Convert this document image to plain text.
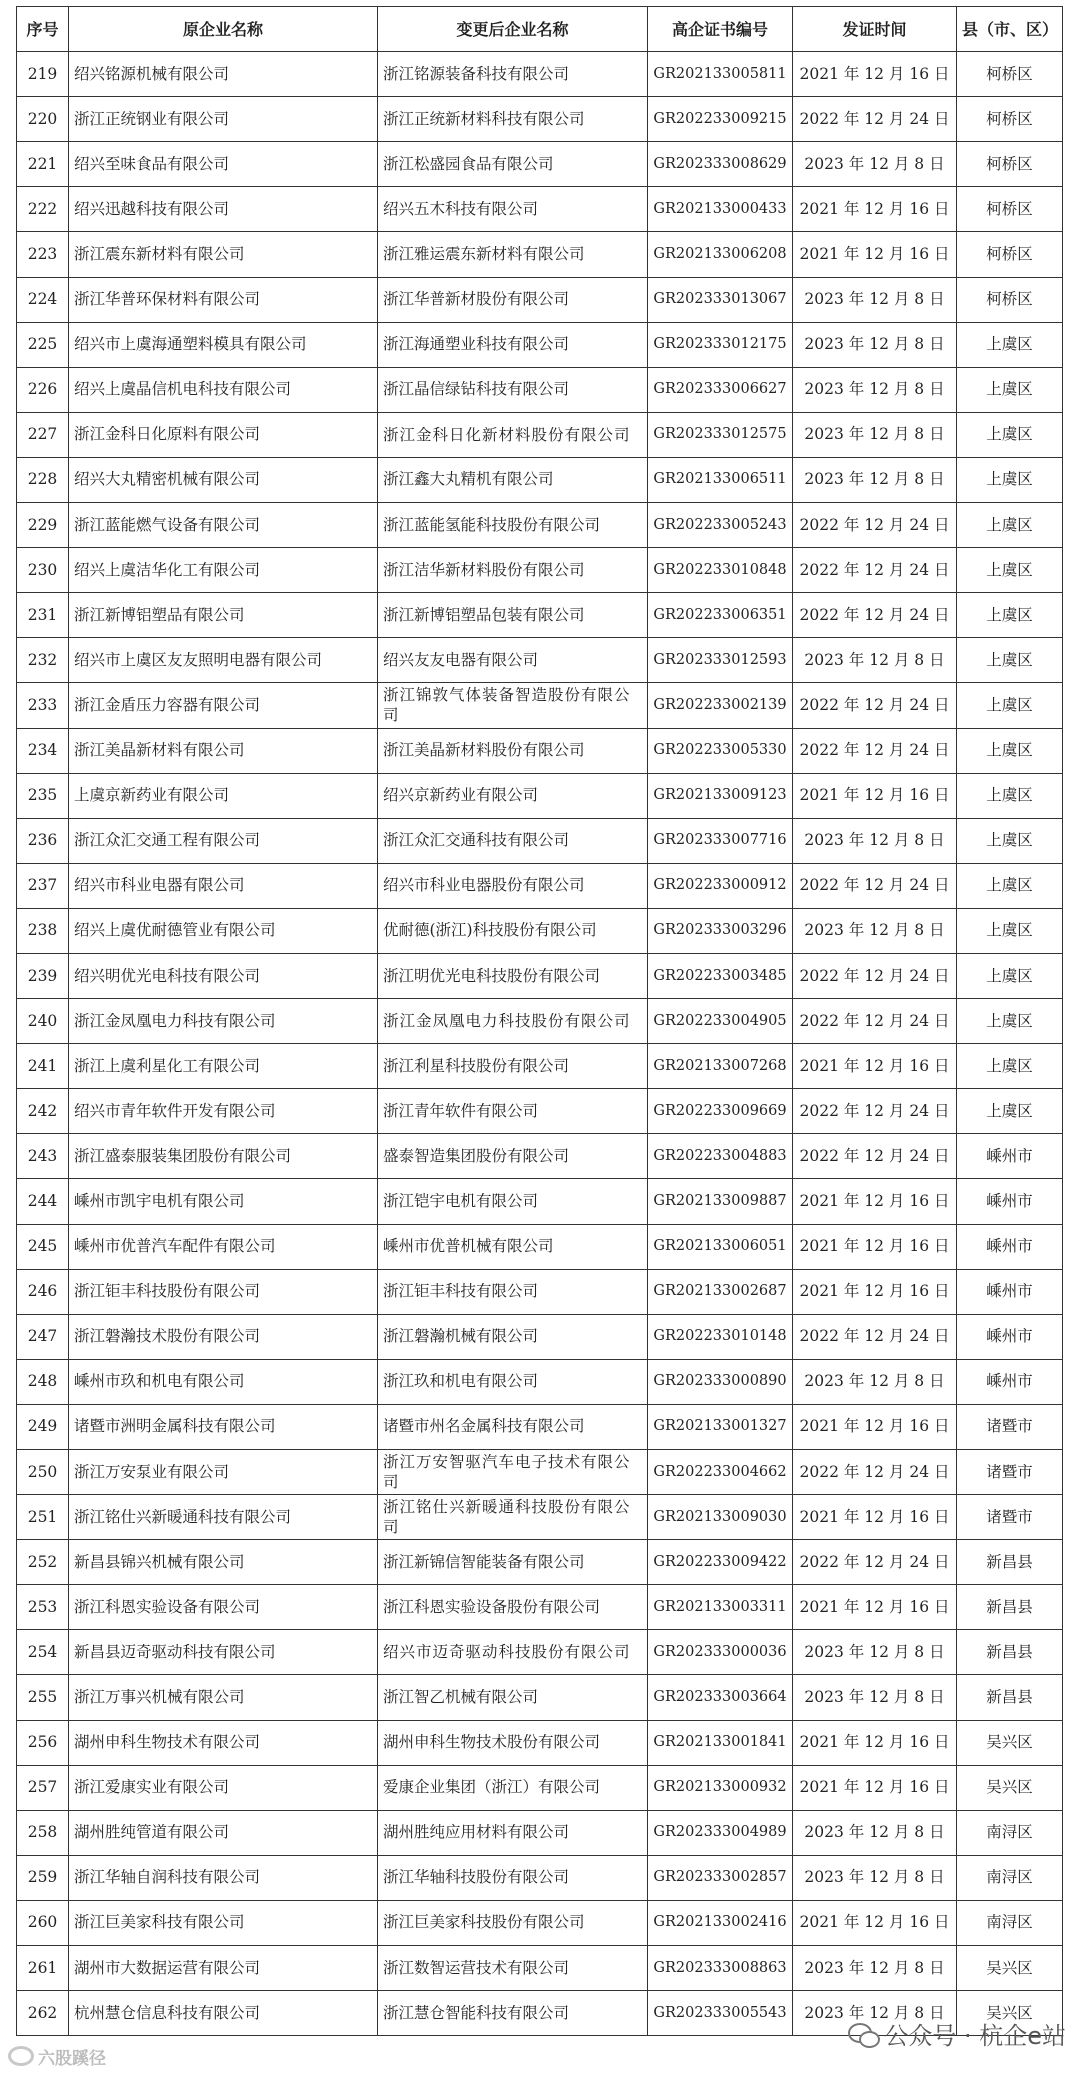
序号	原企业名称	变更后企业名称	高企证书编号	发证时间	县（市、区）
219	绍兴铭源机械有限公司	浙江铭源装备科技有限公司	GR202133005811	2021 年 12 月 16 日	柯桥区
220	浙江正统钢业有限公司	浙江正统新材料科技有限公司	GR202233009215	2022 年 12 月 24 日	柯桥区
221	绍兴至味食品有限公司	浙江松盛园食品有限公司	GR202333008629	2023 年 12 月 8 日	柯桥区
222	绍兴迅越科技有限公司	绍兴五木科技有限公司	GR202133000433	2021 年 12 月 16 日	柯桥区
223	浙江震东新材料有限公司	浙江雅运震东新材料有限公司	GR202133006208	2021 年 12 月 16 日	柯桥区
224	浙江华普环保材料有限公司	浙江华普新材股份有限公司	GR202333013067	2023 年 12 月 8 日	柯桥区
225	绍兴市上虞海通塑料模具有限公司	浙江海通塑业科技有限公司	GR202333012175	2023 年 12 月 8 日	上虞区
226	绍兴上虞晶信机电科技有限公司	浙江晶信绿钻科技有限公司	GR202333006627	2023 年 12 月 8 日	上虞区
227	浙江金科日化原料有限公司	浙江金科日化新材料股份有限公司	GR202333012575	2023 年 12 月 8 日	上虞区
228	绍兴大丸精密机械有限公司	浙江鑫大丸精机有限公司	GR202133006511	2023 年 12 月 8 日	上虞区
229	浙江蓝能燃气设备有限公司	浙江蓝能氢能科技股份有限公司	GR202233005243	2022 年 12 月 24 日	上虞区
230	绍兴上虞洁华化工有限公司	浙江洁华新材料股份有限公司	GR202233010848	2022 年 12 月 24 日	上虞区
231	浙江新博铝塑品有限公司	浙江新博铝塑品包装有限公司	GR202233006351	2022 年 12 月 24 日	上虞区
232	绍兴市上虞区友友照明电器有限公司	绍兴友友电器有限公司	GR202333012593	2023 年 12 月 8 日	上虞区
233	浙江金盾压力容器有限公司	浙江锦敦气体装备智造股份有限公司	GR202233002139	2022 年 12 月 24 日	上虞区
234	浙江美晶新材料有限公司	浙江美晶新材料股份有限公司	GR202233005330	2022 年 12 月 24 日	上虞区
235	上虞京新药业有限公司	绍兴京新药业有限公司	GR202133009123	2021 年 12 月 16 日	上虞区
236	浙江众汇交通工程有限公司	浙江众汇交通科技有限公司	GR202333007716	2023 年 12 月 8 日	上虞区
237	绍兴市科业电器有限公司	绍兴市科业电器股份有限公司	GR202233000912	2022 年 12 月 24 日	上虞区
238	绍兴上虞优耐德管业有限公司	优耐德(浙江)科技股份有限公司	GR202333003296	2023 年 12 月 8 日	上虞区
239	绍兴明优光电科技有限公司	浙江明优光电科技股份有限公司	GR202233003485	2022 年 12 月 24 日	上虞区
240	浙江金凤凰电力科技有限公司	浙江金凤凰电力科技股份有限公司	GR202233004905	2022 年 12 月 24 日	上虞区
241	浙江上虞利星化工有限公司	浙江利星科技股份有限公司	GR202133007268	2021 年 12 月 16 日	上虞区
242	绍兴市青年软件开发有限公司	浙江青年软件有限公司	GR202233009669	2022 年 12 月 24 日	上虞区
243	浙江盛泰服装集团股份有限公司	盛泰智造集团股份有限公司	GR202233004883	2022 年 12 月 24 日	嵊州市
244	嵊州市凯宇电机有限公司	浙江铠宇电机有限公司	GR202133009887	2021 年 12 月 16 日	嵊州市
245	嵊州市优普汽车配件有限公司	嵊州市优普机械有限公司	GR202133006051	2021 年 12 月 16 日	嵊州市
246	浙江钜丰科技股份有限公司	浙江钜丰科技有限公司	GR202133002687	2021 年 12 月 16 日	嵊州市
247	浙江磐瀚技术股份有限公司	浙江磐瀚机械有限公司	GR202233010148	2022 年 12 月 24 日	嵊州市
248	嵊州市玖和机电有限公司	浙江玖和机电有限公司	GR202333000890	2023 年 12 月 8 日	嵊州市
249	诸暨市洲明金属科技有限公司	诸暨市州名金属科技有限公司	GR202133001327	2021 年 12 月 16 日	诸暨市
250	浙江万安泵业有限公司	浙江万安智驱汽车电子技术有限公司	GR202233004662	2022 年 12 月 24 日	诸暨市
251	浙江铭仕兴新暖通科技有限公司	浙江铭仕兴新暖通科技股份有限公司	GR202133009030	2021 年 12 月 16 日	诸暨市
252	新昌县锦兴机械有限公司	浙江新锦信智能装备有限公司	GR202233009422	2022 年 12 月 24 日	新昌县
253	浙江科恩实验设备有限公司	浙江科恩实验设备股份有限公司	GR202133003311	2021 年 12 月 16 日	新昌县
254	新昌县迈奇驱动科技有限公司	绍兴市迈奇驱动科技股份有限公司	GR202333000036	2023 年 12 月 8 日	新昌县
255	浙江万事兴机械有限公司	浙江智乙机械有限公司	GR202333003664	2023 年 12 月 8 日	新昌县
256	湖州申科生物技术有限公司	湖州申科生物技术股份有限公司	GR202133001841	2021 年 12 月 16 日	吴兴区
257	浙江爱康实业有限公司	爱康企业集团（浙江）有限公司	GR202133000932	2021 年 12 月 16 日	吴兴区
258	湖州胜纯管道有限公司	湖州胜纯应用材料有限公司	GR202333004989	2023 年 12 月 8 日	南浔区
259	浙江华轴自润科技有限公司	浙江华轴科技股份有限公司	GR202333002857	2023 年 12 月 8 日	南浔区
260	浙江巨美家科技有限公司	浙江巨美家科技股份有限公司	GR202133002416	2021 年 12 月 16 日	南浔区
261	湖州市大数据运营有限公司	浙江数智运营技术有限公司	GR202333008863	2023 年 12 月 8 日	吴兴区
262	杭州慧仓信息科技有限公司	浙江慧仓智能科技有限公司	GR202333005543	2023 年 12 月 8 日	吴兴区
六股蹊径
公众号 · 杭企e站
